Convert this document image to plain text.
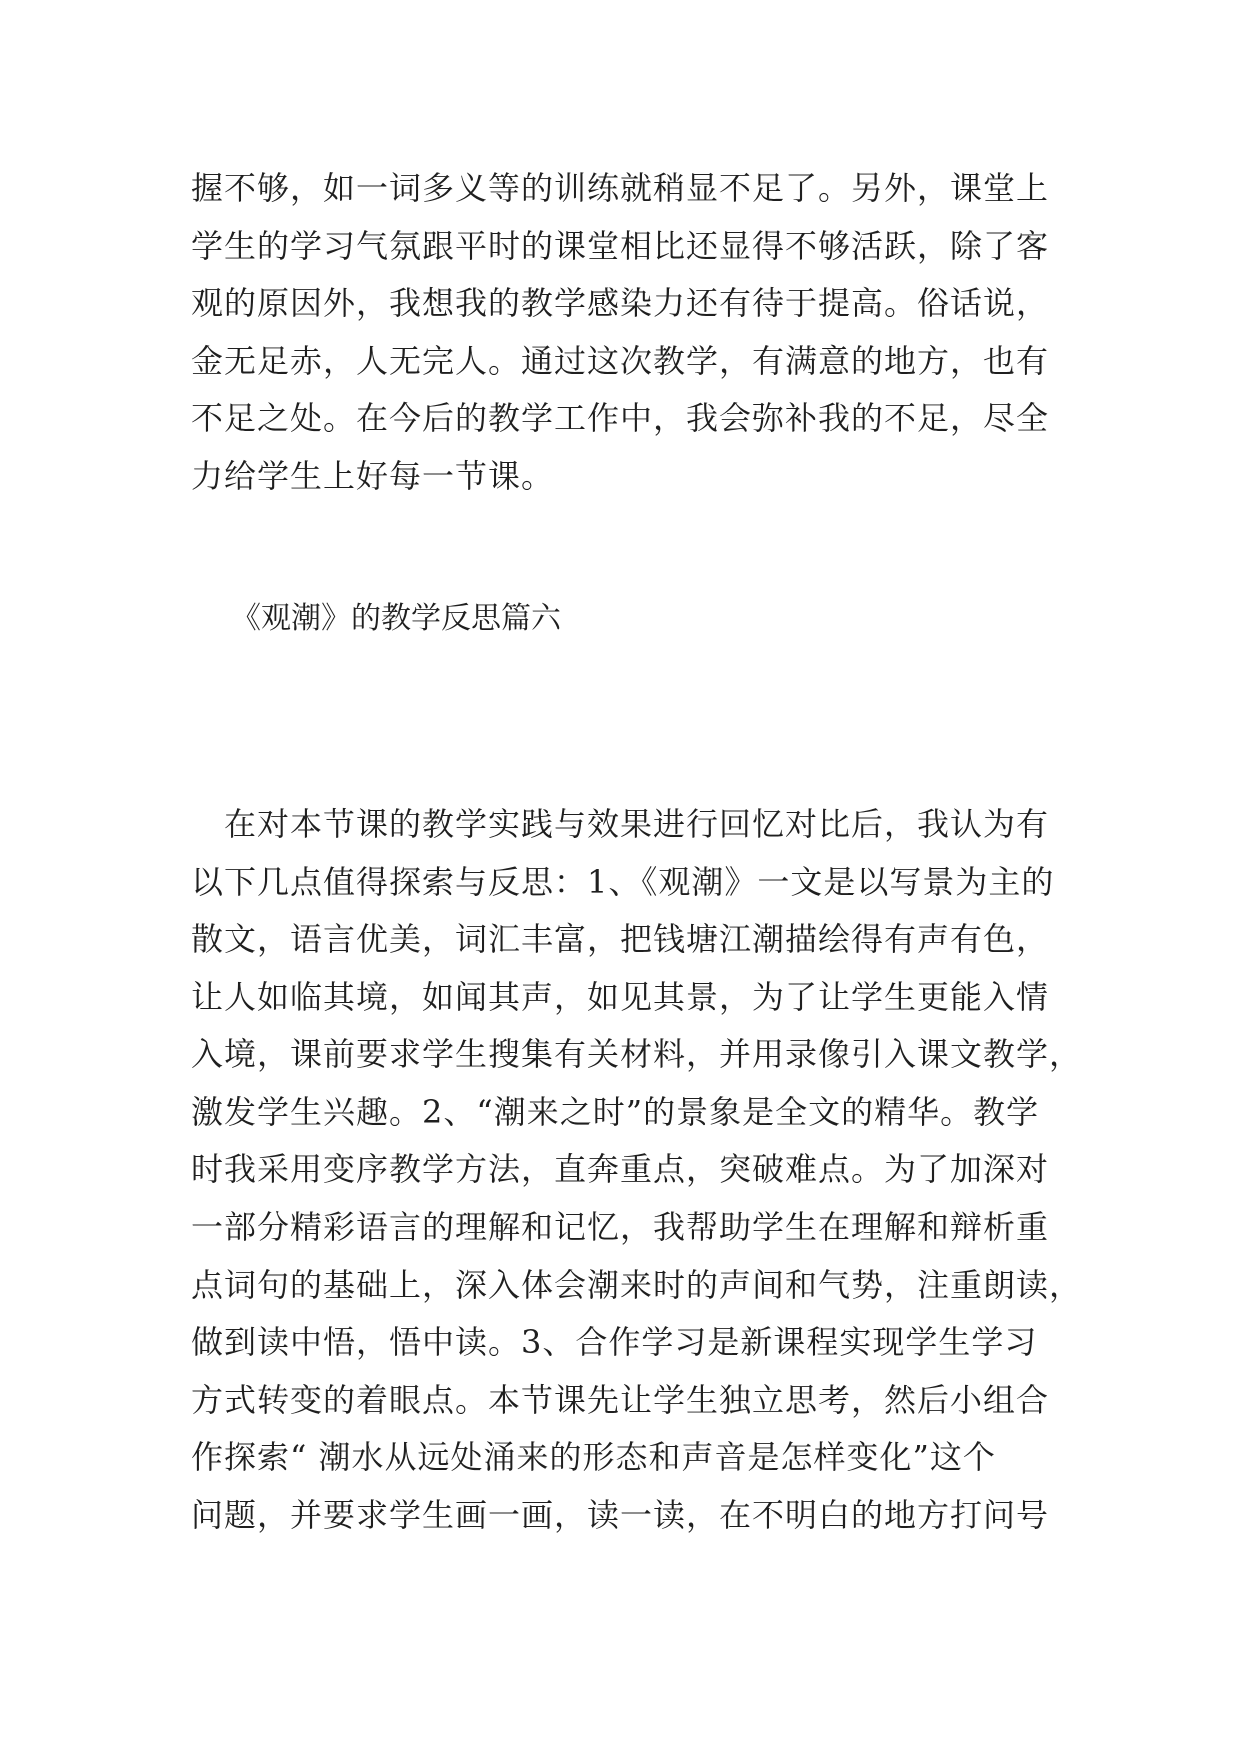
握不够，如一词多义等的训练就稍显不足了。另外，课堂上
学生的学习气氛跟平时的课堂相比还显得不够活跃，除了客
观的原因外，我想我的教学感染力还有待于提高。俗话说，
金无足赤，人无完人。通过这次教学，有满意的地方，也有
不足之处。在今后的教学工作中，我会弥补我的不足，尽全
力给学生上好每一节课。
《观潮》的教学反思篇六
　在对本节课的教学实践与效果进行回忆对比后，我认为有
以下几点值得探索与反思：1、《观潮》一文是以写景为主的
散文，语言优美，词汇丰富，把钱塘江潮描绘得有声有色，
让人如临其境，如闻其声，如见其景，为了让学生更能入情
入境，课前要求学生搜集有关材料，并用录像引入课文教学，
激发学生兴趣。2、“潮来之时”的景象是全文的精华。教学
时我采用变序教学方法，直奔重点，突破难点。为了加深对
一部分精彩语言的理解和记忆，我帮助学生在理解和辩析重
点词句的基础上，深入体会潮来时的声间和气势，注重朗读，
做到读中悟，悟中读。3、合作学习是新课程实现学生学习
方式转变的着眼点。本节课先让学生独立思考，然后小组合
作探索“ 潮水从远处涌来的形态和声音是怎样变化”这个
问题，并要求学生画一画，读一读，在不明白的地方打问号
